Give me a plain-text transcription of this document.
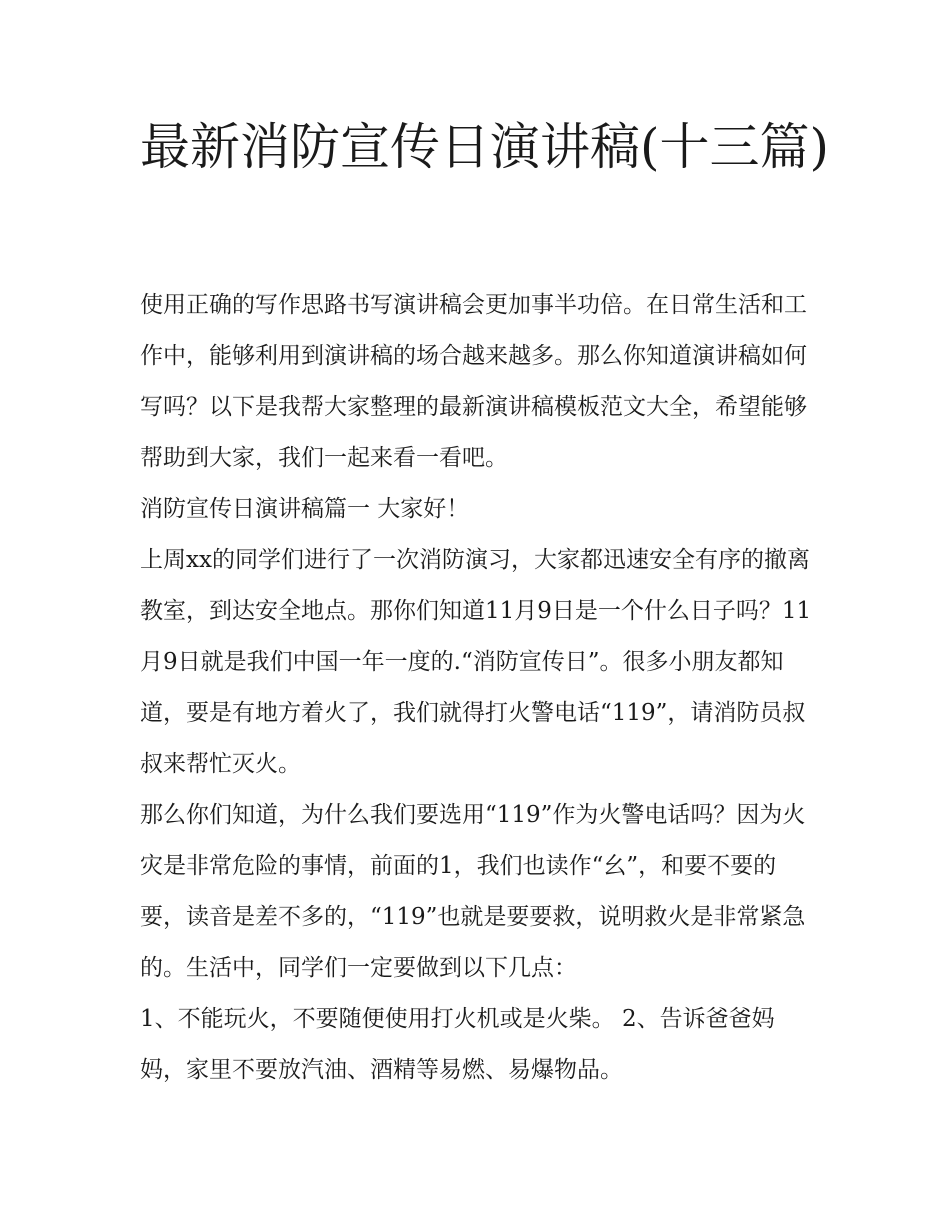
最新消防宣传日演讲稿(十三篇)

使用正确的写作思路书写演讲稿会更加事半功倍。在日常生活和工作中，能够利用到演讲稿的场合越来越多。那么你知道演讲稿如何写吗？以下是我帮大家整理的最新演讲稿模板范文大全，希望能够帮助到大家，我们一起来看一看吧。

消防宣传日演讲稿篇一 大家好！

上周xx的同学们进行了一次消防演习，大家都迅速安全有序的撤离教室，到达安全地点。那你们知道11月9日是一个什么日子吗？11月9日就是我们中国一年一度的.“消防宣传日”。很多小朋友都知道，要是有地方着火了，我们就得打火警电话“119”，请消防员叔叔来帮忙灭火。

那么你们知道，为什么我们要选用“119”作为火警电话吗？因为火灾是非常危险的事情，前面的1，我们也读作“幺”，和要不要的要，读音是差不多的，“119”也就是要要救，说明救火是非常紧急的。生活中，同学们一定要做到以下几点：

1、不能玩火，不要随便使用打火机或是火柴。 2、告诉爸爸妈妈，家里不要放汽油、酒精等易燃、易爆物品。
